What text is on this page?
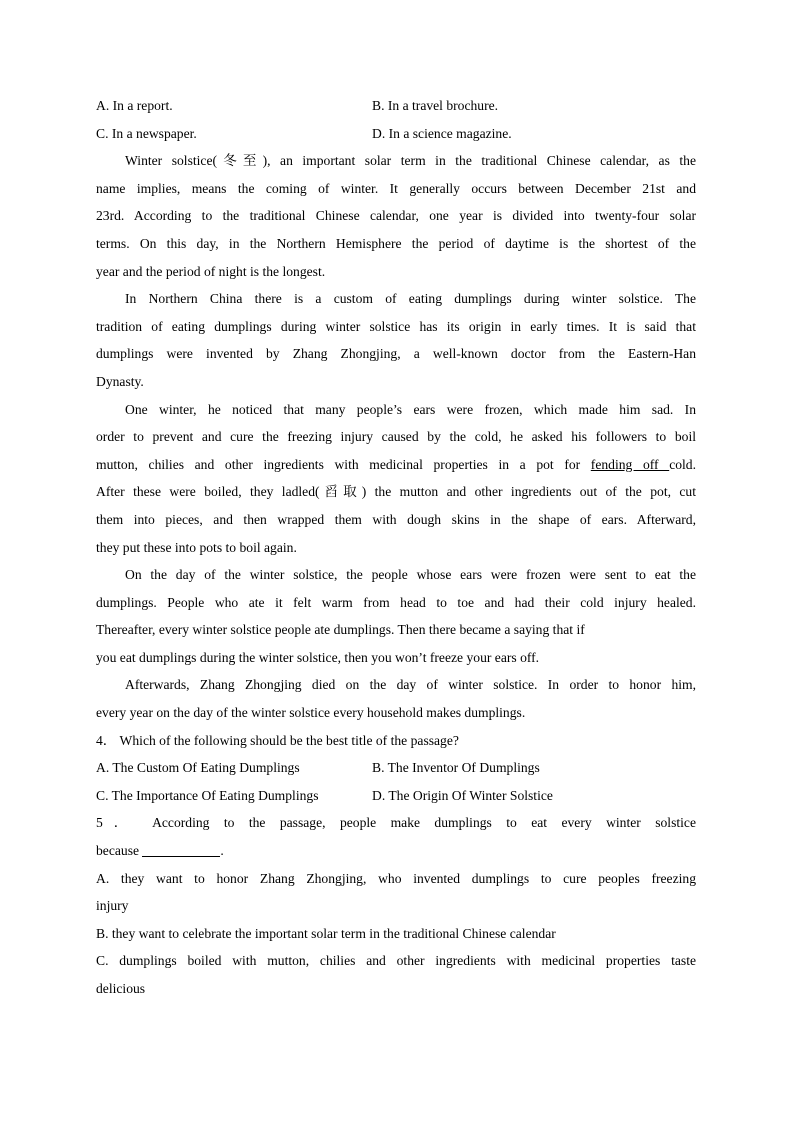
A. In a report.	B. In a travel brochure.
C. In a newspaper.	D. In a science magazine.
Winter solstice(冬至), an important solar term in the traditional Chinese calendar, as the
name implies, means the coming of winter. It generally occurs between December 21st and
23rd. According to the traditional Chinese calendar, one year is divided into twenty-four solar
terms. On this day, in the Northern Hemisphere the period of daytime is the shortest of the
year and the period of night is the longest.
In Northern China there is a custom of eating dumplings during winter solstice. The
tradition of eating dumplings during winter solstice has its origin in early times. It is said that
dumplings were invented by Zhang Zhongjing, a well-known doctor from the Eastern-Han
Dynasty.
One winter, he noticed that many people’s ears were frozen, which made him sad. In
order to prevent and cure the freezing injury caused by the cold, he asked his followers to boil
mutton, chilies and other ingredients with medicinal properties in a pot for fending off cold.
After these were boiled, they ladled(舀取) the mutton and other ingredients out of the pot, cut
them into pieces, and then wrapped them with dough skins in the shape of ears. Afterward,
they put these into pots to boil again.
On the day of the winter solstice, the people whose ears were frozen were sent to eat the
dumplings. People who ate it felt warm from head to toe and had their cold injury healed.
Thereafter, every winter solstice people ate dumplings. Then there became a saying that if
you eat dumplings during the winter solstice, then you won’t freeze your ears off.
Afterwards, Zhang Zhongjing died on the day of winter solstice. In order to honor him,
every year on the day of the winter solstice every household makes dumplings.
4． Which of the following should be the best title of the passage?
A. The Custom Of Eating Dumplings	B. The Inventor Of Dumplings
C. The Importance Of Eating Dumplings	D. The Origin Of Winter Solstice
5． According to the passage, people make dumplings to eat every winter solstice
because	.
A. they want to honor Zhang Zhongjing, who invented dumplings to cure peoples freezing
injury
B. they want to celebrate the important solar term in the traditional Chinese calendar
C. dumplings boiled with mutton, chilies and other ingredients with medicinal properties taste
delicious
